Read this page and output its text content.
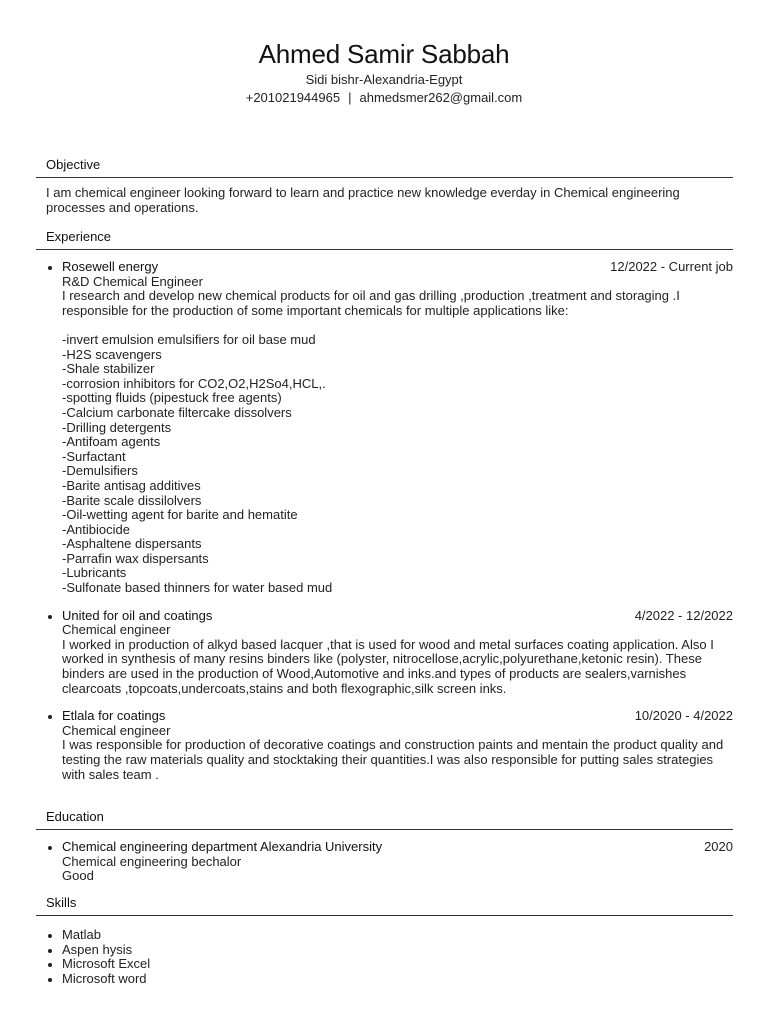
Ahmed Samir Sabbah
Sidi bishr-Alexandria-Egypt
+201021944965 | ahmedsmer262@gmail.com
Objective
I am chemical engineer looking forward to learn and practice new knowledge everday in Chemical engineering processes and operations.
Experience
Rosewell energy	12/2022 - Current job
R&D Chemical Engineer
I research and develop new chemical products for oil and gas drilling ,production ,treatment and storaging .I responsible for the production of some important chemicals for multiple applications like:

-invert emulsion emulsifiers for oil base mud
-H2S scavengers
-Shale stabilizer
-corrosion inhibitors for CO2,O2,H2So4,HCL,.
-spotting fluids (pipestuck free agents)
-Calcium carbonate filtercake dissolvers
-Drilling detergents
-Antifoam agents
-Surfactant
-Demulsifiers
-Barite antisag additives
-Barite scale dissilolvers
-Oil-wetting agent for barite and hematite
-Antibiocide
-Asphaltene dispersants
-Parrafin wax dispersants
-Lubricants
-Sulfonate based thinners for water based mud
United for oil and coatings	4/2022 - 12/2022
Chemical engineer
I worked in production of alkyd based lacquer ,that is used for wood and metal surfaces coating application. Also I worked in synthesis of many resins binders like (polyster, nitrocellose,acrylic,polyurethane,ketonic resin). These binders are used in the production of Wood,Automotive and inks.and types of products are sealers,varnishes clearcoats ,topcoats,undercoats,stains and both flexographic,silk screen inks.
Etlala for coatings	10/2020 - 4/2022
Chemical engineer
I was responsible for production of decorative coatings and construction paints and mentain the product quality and testing the raw materials quality and stocktaking their quantities.I was also responsible for putting sales strategies with sales team .
Education
Chemical engineering department Alexandria University	2020
Chemical engineering bechalor
Good
Skills
Matlab
Aspen hysis
Microsoft Excel
Microsoft word
